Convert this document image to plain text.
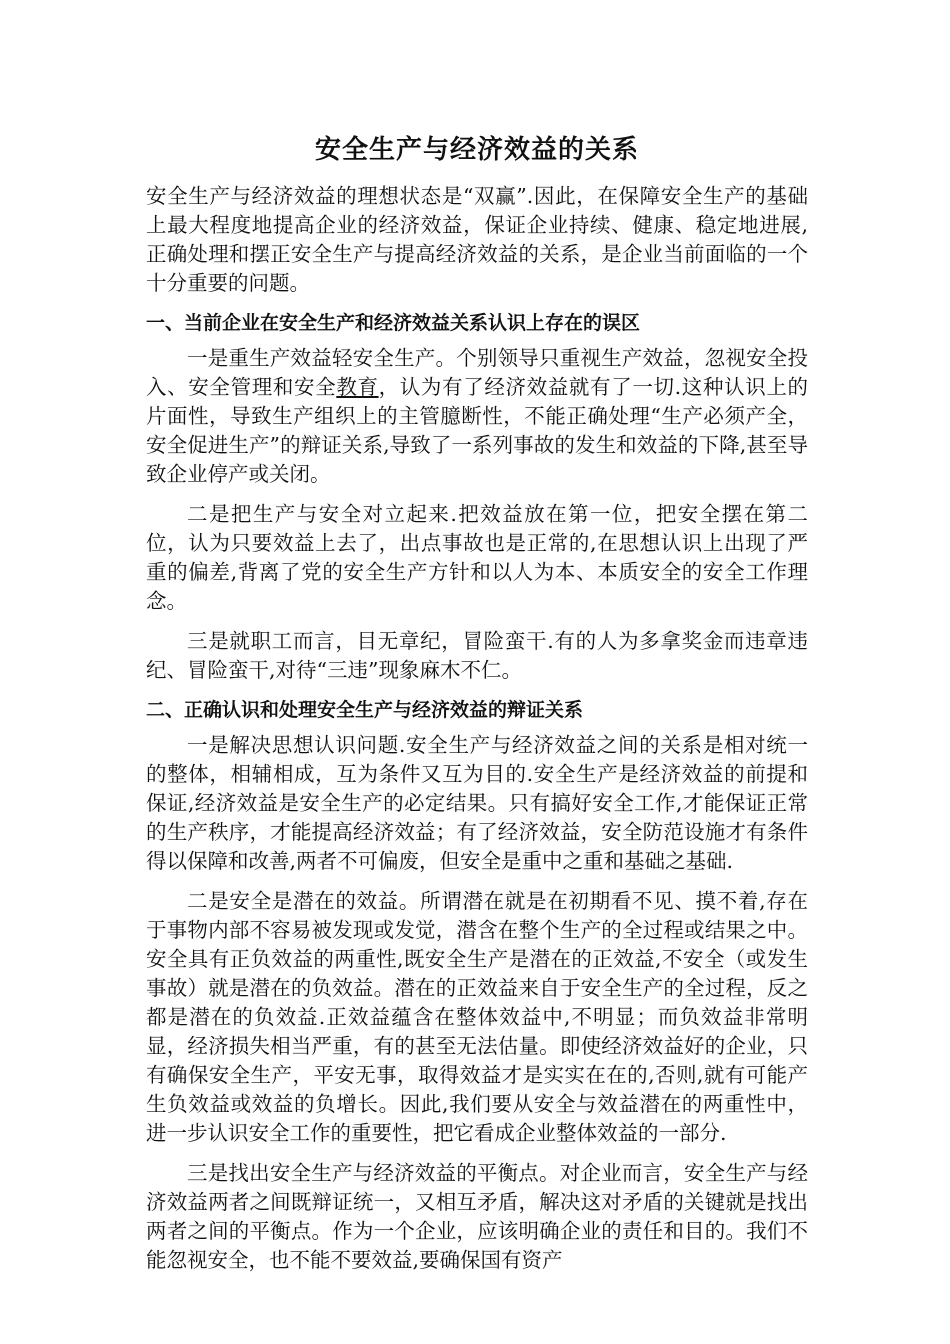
安全生产与经济效益的关系

安全生产与经济效益的理想状态是“双赢”.因此，在保障安全生产的基础上最大程度地提高企业的经济效益，保证企业持续、健康、稳定地进展,正确处理和摆正安全生产与提高经济效益的关系，是企业当前面临的一个十分重要的问题。

一、当前企业在安全生产和经济效益关系认识上存在的误区

一是重生产效益轻安全生产。个别领导只重视生产效益，忽视安全投入、安全管理和安全教育，认为有了经济效益就有了一切.这种认识上的片面性，导致生产组织上的主管臆断性，不能正确处理“生产必须产全，安全促进生产”的辩证关系,导致了一系列事故的发生和效益的下降,甚至导致企业停产或关闭。

二是把生产与安全对立起来.把效益放在第一位，把安全摆在第二位，认为只要效益上去了，出点事故也是正常的,在思想认识上出现了严重的偏差,背离了党的安全生产方针和以人为本、本质安全的安全工作理念。

三是就职工而言，目无章纪，冒险蛮干.有的人为多拿奖金而违章违纪、冒险蛮干,对待“三违”现象麻木不仁。

二、正确认识和处理安全生产与经济效益的辩证关系

一是解决思想认识问题.安全生产与经济效益之间的关系是相对统一的整体，相辅相成，互为条件又互为目的.安全生产是经济效益的前提和保证,经济效益是安全生产的必定结果。只有搞好安全工作,才能保证正常的生产秩序，才能提高经济效益；有了经济效益，安全防范设施才有条件得以保障和改善,两者不可偏废，但安全是重中之重和基础之基础.

二是安全是潜在的效益。所谓潜在就是在初期看不见、摸不着,存在于事物内部不容易被发现或发觉，潜含在整个生产的全过程或结果之中。安全具有正负效益的两重性,既安全生产是潜在的正效益,不安全（或发生事故）就是潜在的负效益。潜在的正效益来自于安全生产的全过程，反之都是潜在的负效益.正效益蕴含在整体效益中,不明显；而负效益非常明显，经济损失相当严重，有的甚至无法估量。即使经济效益好的企业，只有确保安全生产，平安无事，取得效益才是实实在在的,否则,就有可能产生负效益或效益的负增长。因此,我们要从安全与效益潜在的两重性中，进一步认识安全工作的重要性，把它看成企业整体效益的一部分.

三是找出安全生产与经济效益的平衡点。对企业而言，安全生产与经济效益两者之间既辩证统一，又相互矛盾，解决这对矛盾的关键就是找出两者之间的平衡点。作为一个企业，应该明确企业的责任和目的。我们不能忽视安全，也不能不要效益,要确保国有资产
